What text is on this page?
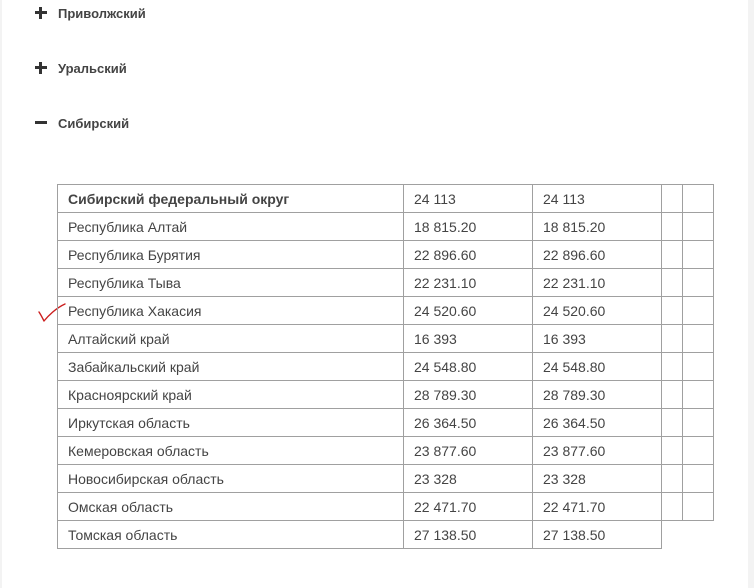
Приволжский
Уральский
Сибирский
Сибирский федеральный округ	24 113	24 113		
Республика Алтай	18 815.20	18 815.20		
Республика Бурятия	22 896.60	22 896.60		
Республика Тыва	22 231.10	22 231.10		
Республика Хакасия	24 520.60	24 520.60		
Алтайский край	16 393	16 393		
Забайкальский край	24 548.80	24 548.80		
Красноярский край	28 789.30	28 789.30		
Иркутская область	26 364.50	26 364.50		
Кемеровская область	23 877.60	23 877.60		
Новосибирская область	23 328	23 328		
Омская область	22 471.70	22 471.70		
Томская область	27 138.50	27 138.50		
